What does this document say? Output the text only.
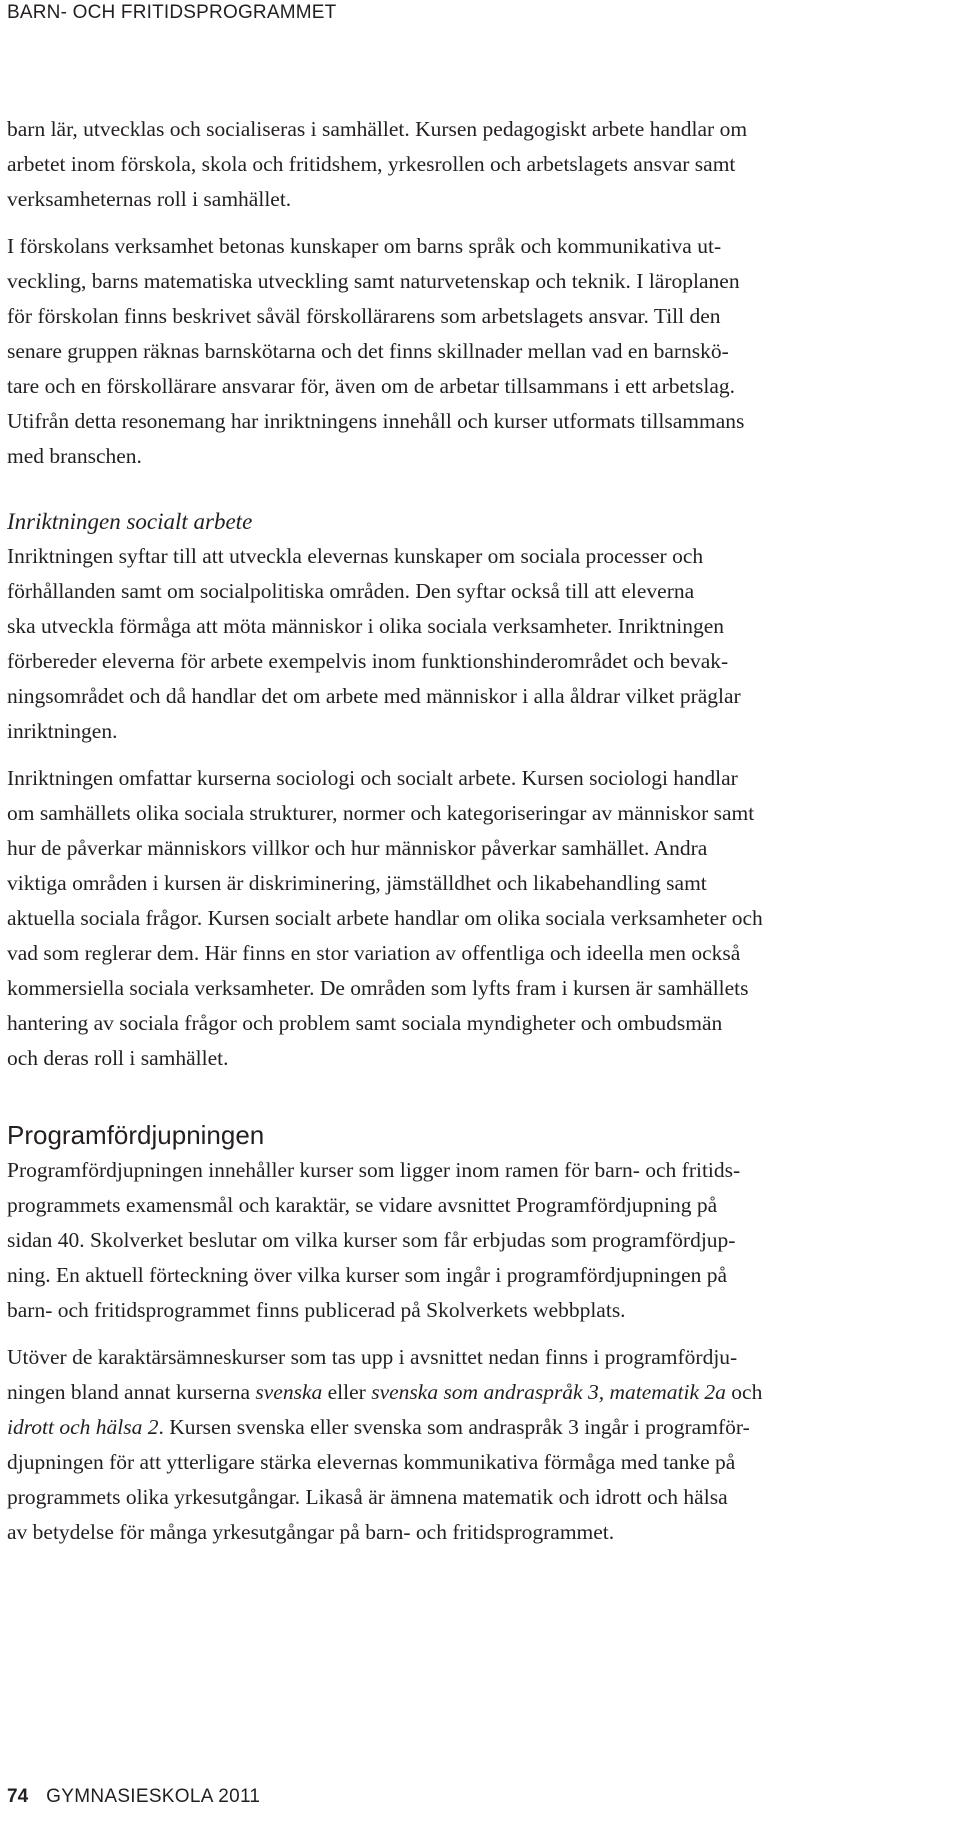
BARN- OCH FRITIDSPROGRAMMET

barn lär, utvecklas och socialiseras i samhället. Kursen pedagogiskt arbete handlar om
arbetet inom förskola, skola och fritidshem, yrkesrollen och arbetslagets ansvar samt
verksamheternas roll i samhället.

I förskolans verksamhet betonas kunskaper om barns språk och kommunikativa ut-
veckling, barns matematiska utveckling samt naturvetenskap och teknik. I läroplanen
för förskolan finns beskrivet såväl förskollärarens som arbetslagets ansvar. Till den
senare gruppen räknas barnskötarna och det finns skillnader mellan vad en barnskö-
tare och en förskollärare ansvarar för, även om de arbetar tillsammans i ett arbetslag.
Utifrån detta resonemang har inriktningens innehåll och kurser utformats tillsammans
med branschen.

Inriktningen socialt arbete

Inriktningen syftar till att utveckla elevernas kunskaper om sociala processer och
förhållanden samt om socialpolitiska områden. Den syftar också till att eleverna
ska utveckla förmåga att möta människor i olika sociala verksamheter. Inriktningen
förbereder eleverna för arbete exempelvis inom funktionshinderområdet och bevak-
ningsområdet och då handlar det om arbete med människor i alla åldrar vilket präglar
inriktningen.

Inriktningen omfattar kurserna sociologi och socialt arbete. Kursen sociologi handlar
om samhällets olika sociala strukturer, normer och kategoriseringar av människor samt
hur de påverkar människors villkor och hur människor påverkar samhället. Andra
viktiga områden i kursen är diskriminering, jämställdhet och likabehandling samt
aktuella sociala frågor. Kursen socialt arbete handlar om olika sociala verksamheter och
vad som reglerar dem. Här finns en stor variation av offentliga och ideella men också
kommersiella sociala verksamheter. De områden som lyfts fram i kursen är samhällets
hantering av sociala frågor och problem samt sociala myndigheter och ombudsmän
och deras roll i samhället.

Programfördjupningen

Programfördjupningen innehåller kurser som ligger inom ramen för barn- och fritids-
programmets examensmål och karaktär, se vidare avsnittet Programfördjupning på
sidan 40. Skolverket beslutar om vilka kurser som får erbjudas som programfördjup-
ning. En aktuell förteckning över vilka kurser som ingår i programfördjupningen på
barn- och fritidsprogrammet finns publicerad på Skolverkets webbplats.

Utöver de karaktärsämneskurser som tas upp i avsnittet nedan finns i programfördju-
ningen bland annat kurserna svenska eller svenska som andraspråk 3, matematik 2a och
idrott och hälsa 2. Kursen svenska eller svenska som andraspråk 3 ingår i programför-
djupningen för att ytterligare stärka elevernas kommunikativa förmåga med tanke på
programmets olika yrkesutgångar. Likaså är ämnena matematik och idrott och hälsa
av betydelse för många yrkesutgångar på barn- och fritidsprogrammet.

74 GYMNASIESKOLA 2011
